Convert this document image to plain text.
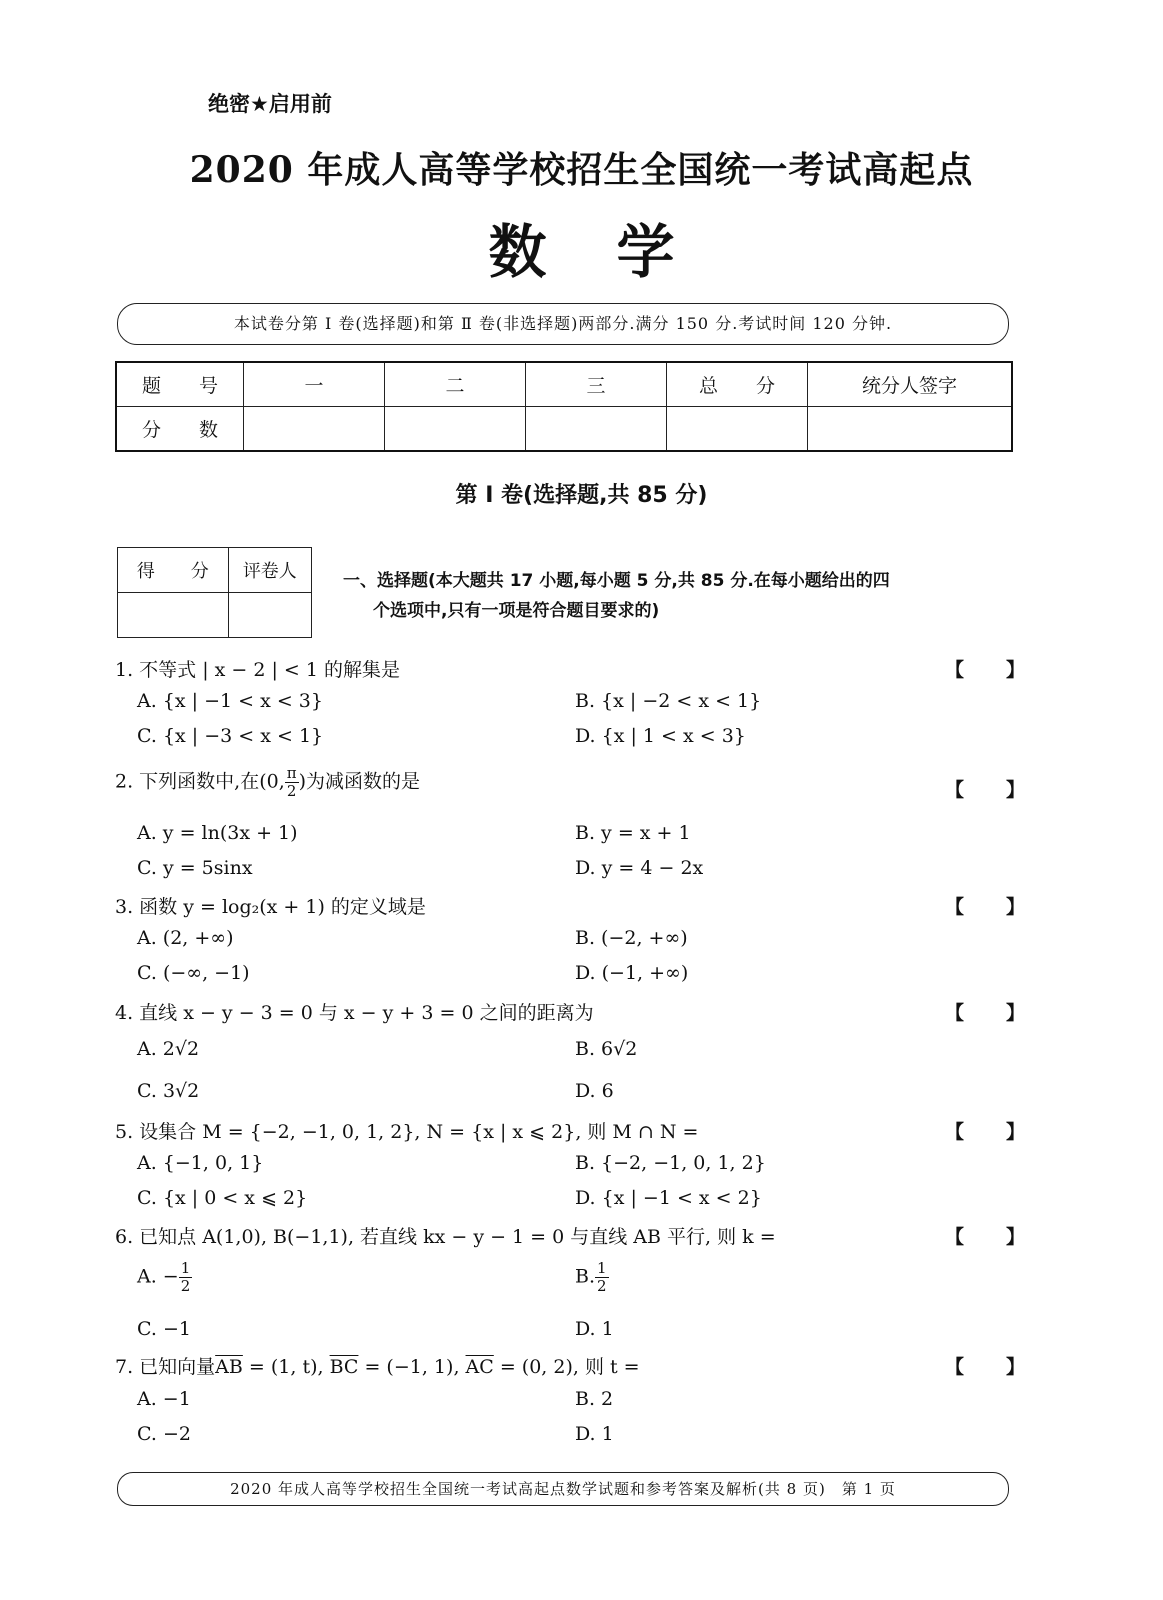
绝密★启用前
2020 年成人高等学校招生全国统一考试高起点
数 学
本试卷分第 Ⅰ 卷(选择题)和第 Ⅱ 卷(非选择题)两部分.满分 150 分.考试时间 120 分钟.
题　　号	一	二	三	总　　分	统分人签字
分　　数					
第 Ⅰ 卷(选择题,共 85 分)
得　　分	评卷人
		一、选择题(本大题共 17 小题,每小题 5 分,共 85 分.在每小题给出的四
个选项中,只有一项是符合题目要求的)
1. 不等式 | x − 2 | < 1 的解集是	【 】
A. {x | −1 < x < 3}	B. {x | −2 < x < 1}
C. {x | −3 < x < 1}	D. {x | 1 < x < 3}
2. 下列函数中,在(0, $\frac{\pi}{2}$ )为减函数的是	【 】
A. y = ln(3x + 1)	B. y = x + 1
C. y = 5sinx	D. y = 4 − 2x
3. 函数 y = log₂(x + 1) 的定义域是	【 】
A. (2, +∞)	B. (−2, +∞)
C. (−∞, −1)	D. (−1, +∞)
4. 直线 x − y − 3 = 0 与 x − y + 3 = 0 之间的距离为	【 】
A. 2√2	B. 6√2
C. 3√2	D. 6
5. 设集合 M = {−2, −1, 0, 1, 2}, N = {x | x ⩽ 2}, 则 M ∩ N =	【 】
A. {−1, 0, 1}	B. {−2, −1, 0, 1, 2}
C. {x | 0 < x ⩽ 2}	D. {x | −1 < x < 2}
6. 已知点 A(1,0), B(−1,1), 若直线 kx − y − 1 = 0 与直线 AB 平行, 则 k =	【 】
A. − $\frac{1}{2}$	B. $\frac{1}{2}$
C. −1	D. 1
7. 已知向量$\overline{AB} = (1$, t), $\overline{BC} = (-1$, 1), $\overline{AC} = (0$, 2), 则 t =	【 】
A. −1	B. 2
C. −2	D. 1
2020 年成人高等学校招生全国统一考试高起点数学试题和参考答案及解析(共 8 页)　第 1 页
